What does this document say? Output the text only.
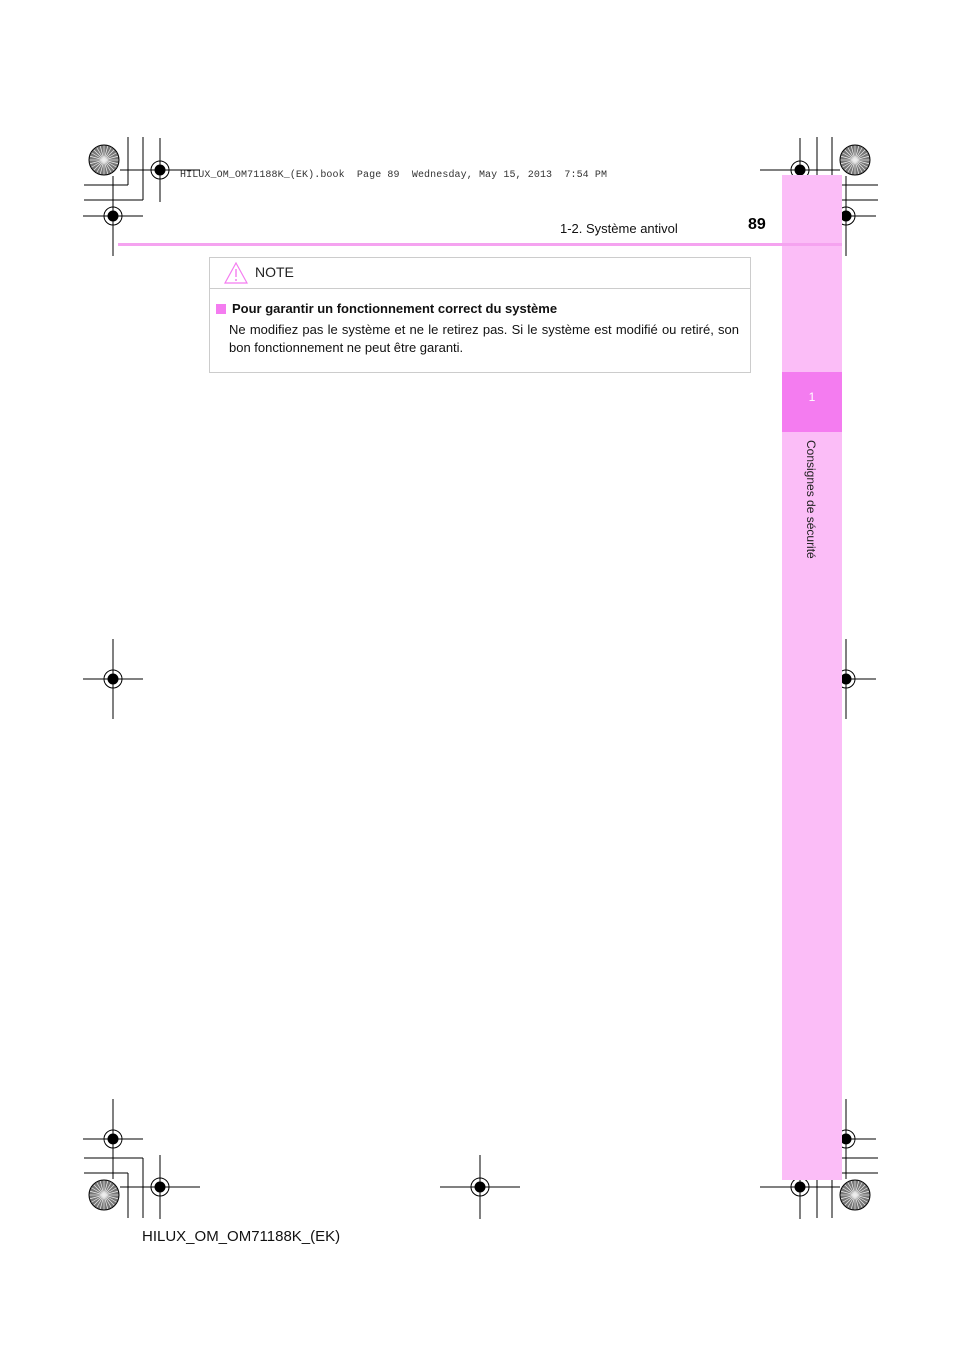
HILUX_OM_OM71188K_(EK).book  Page 89  Wednesday, May 15, 2013  7:54 PM
1
Consignes de sécurité
1-2. Système antivol	89
NOTE
Pour garantir un fonctionnement correct du système
Ne modifiez pas le système et ne le retirez pas. Si le système est modifié ou retiré, son bon fonctionnement ne peut être garanti.
HILUX_OM_OM71188K_(EK)
